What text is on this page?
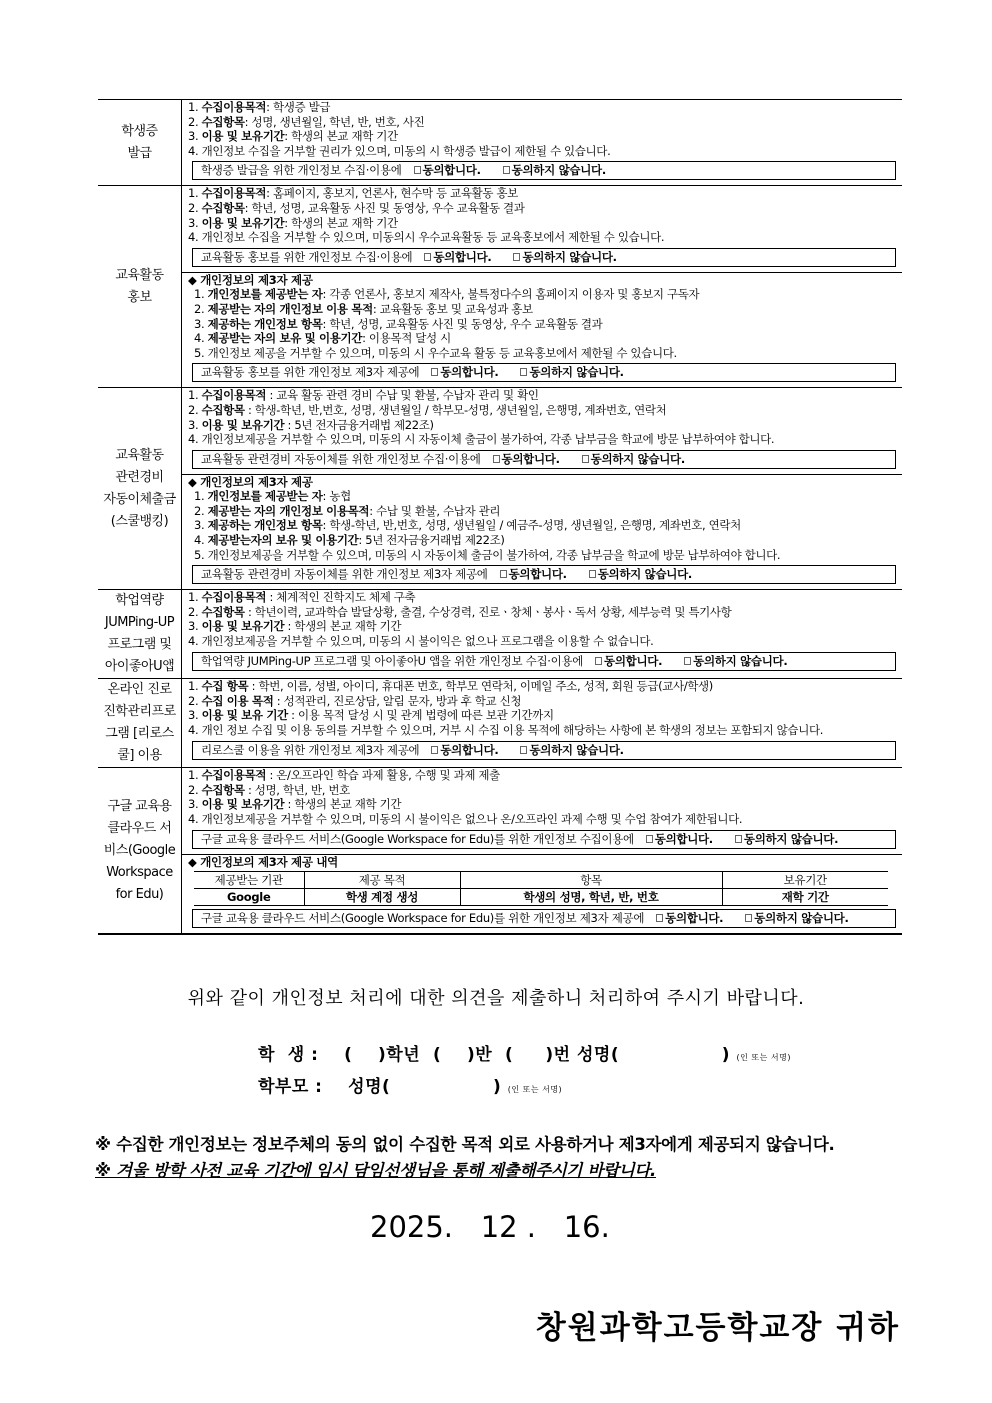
학생증
발급
1. 수집이용목적: 학생증 발급
2. 수집항목: 성명, 생년월일, 학년, 반, 번호, 사진
3. 이용 및 보유기간: 학생의 본교 재학 기간
4. 개인정보 수집을 거부할 권리가 있으며, 미동의 시 학생증 발급이 제한될 수 있습니다.
학생증 발급을 위한 개인정보 수집·이용에 동의합니다.	동의하지 않습니다.
교육활동
홍보
1. 수집이용목적: 홈페이지, 홍보지, 언론사, 현수막 등 교육활동 홍보
2. 수집항목: 학년, 성명, 교육활동 사진 및 동영상, 우수 교육활동 결과
3. 이용 및 보유기간: 학생의 본교 재학 기간
4. 개인정보 수집을 거부할 수 있으며, 미동의시 우수교육활동 등 교육홍보에서 제한될 수 있습니다.
교육활동 홍보를 위한 개인정보 수집·이용에 동의합니다.	동의하지 않습니다.
◆ 개인정보의 제3자 제공
1. 개인정보를 제공받는 자: 각종 언론사, 홍보지 제작사, 불특정다수의 홈페이지 이용자 및 홍보지 구독자
2. 제공받는 자의 개인정보 이용 목적: 교육활동 홍보 및 교육성과 홍보
3. 제공하는 개인정보 항목: 학년, 성명, 교육활동 사진 및 동영상, 우수 교육활동 결과
4. 제공받는 자의 보유 및 이용기간: 이용목적 달성 시
5. 개인정보 제공을 거부할 수 있으며, 미동의 시 우수교육 활동 등 교육홍보에서 제한될 수 있습니다.
교육활동 홍보를 위한 개인정보 제3자 제공에 동의합니다.	동의하지 않습니다.
교육활동
관련경비
자동이체출금
(스쿨뱅킹)
1. 수집이용목적 : 교육 활동 관련 경비 수납 및 환불, 수납자 관리 및 확인
2. 수집항목 : 학생-학년, 반,번호, 성명, 생년월일 / 학부모-성명, 생년월일, 은행명, 계좌번호, 연락처
3. 이용 및 보유기간 : 5년 전자금융거래법 제22조)
4. 개인정보제공을 거부할 수 있으며, 미동의 시 자동이체 출금이 불가하여, 각종 납부금을 학교에 방문 납부하여야 합니다.
교육활동 관련경비 자동이체를 위한 개인정보 수집·이용에 동의합니다.	동의하지 않습니다.
◆ 개인정보의 제3자 제공
1. 개인정보를 제공받는 자: 농협
2. 제공받는 자의 개인정보 이용목적: 수납 및 환불, 수납자 관리
3. 제공하는 개인정보 항목: 학생-학년, 반,번호, 성명, 생년월일 / 예금주-성명, 생년월일, 은행명, 계좌번호, 연락처
4. 제공받는자의 보유 및 이용기간: 5년 전자금융거래법 제22조)
5. 개인정보제공을 거부할 수 있으며, 미동의 시 자동이체 출금이 불가하여, 각종 납부금을 학교에 방문 납부하여야 합니다.
교육활동 관련경비 자동이체를 위한 개인정보 제3자 제공에 동의합니다.	동의하지 않습니다.
학업역량
JUMPing-UP
프로그램 및
아이좋아U앱
1. 수집이용목적 : 체계적인 진학지도 체제 구축
2. 수집항목 : 학년이력, 교과학습 발달상황, 출결, 수상경력, 진로ㆍ창체ㆍ봉사ㆍ독서 상황, 세부능력 및 특기사항
3. 이용 및 보유기간 : 학생의 본교 재학 기간
4. 개인정보제공을 거부할 수 있으며, 미동의 시 불이익은 없으나 프로그램을 이용할 수 없습니다.
학업역량 JUMPing-UP 프로그램 및 아이좋아U 앱을 위한 개인정보 수집·이용에 동의합니다.	동의하지 않습니다.
온라인 진로
진학관리프로
그램 [리로스
쿨] 이용
1. 수집 항목 : 학번, 이름, 성별, 아이디, 휴대폰 번호, 학부모 연락처, 이메일 주소, 성적, 회원 등급(교사/학생)
2. 수집 이용 목적 : 성적관리, 진로상담, 알림 문자, 방과 후 학교 신청
3. 이용 및 보유 기간 : 이용 목적 달성 시 및 관계 법령에 따른 보관 기간까지
4. 개인 정보 수집 및 이용 동의를 거부할 수 있으며, 거부 시 수집 이용 목적에 해당하는 사항에 본 학생의 정보는 포함되지 않습니다.
리로스쿨 이용을 위한 개인정보 제3자 제공에 동의합니다.	동의하지 않습니다.
구글 교육용
클라우드 서
비스(Google
Workspace
for Edu)
1. 수집이용목적 : 온/오프라인 학습 과제 활용, 수행 및 과제 제출
2. 수집항목 : 성명, 학년, 반, 번호
3. 이용 및 보유기간 : 학생의 본교 재학 기간
4. 개인정보제공을 거부할 수 있으며, 미동의 시 불이익은 없으나 온/오프라인 과제 수행 및 수업 참여가 제한됩니다.
구글 교육용 클라우드 서비스(Google Workspace for Edu)를 위한 개인정보 수집이용에 동의합니다.	동의하지 않습니다.
◆ 개인정보의 제3자 제공 내역
제공받는 기관	제공 목적	항목	보유기간
Google	학생 계정 생성	학생의 성명, 학년, 반, 번호	재학 기간
구글 교육용 클라우드 서비스(Google Workspace for Edu)를 위한 개인정보 제3자 제공에 동의합니다.	동의하지 않습니다.
위와 같이 개인정보 처리에 대한 의견을 제출하니 처리하여 주시기 바랍니다.
학  생 : (    )학년 (    )반 (     )번 성명(	) (인 또는 서명)
학부모 : 성명(	) (인 또는 서명)
※ 수집한 개인정보는 정보주체의 동의 없이 수집한 목적 외로 사용하거나 제3자에게 제공되지 않습니다.
※ 겨울 방학 사전 교육 기간에 임시 담임선생님을 통해 제출해주시기 바랍니다.
2025. 12 . 16.
창원과학고등학교장 귀하
